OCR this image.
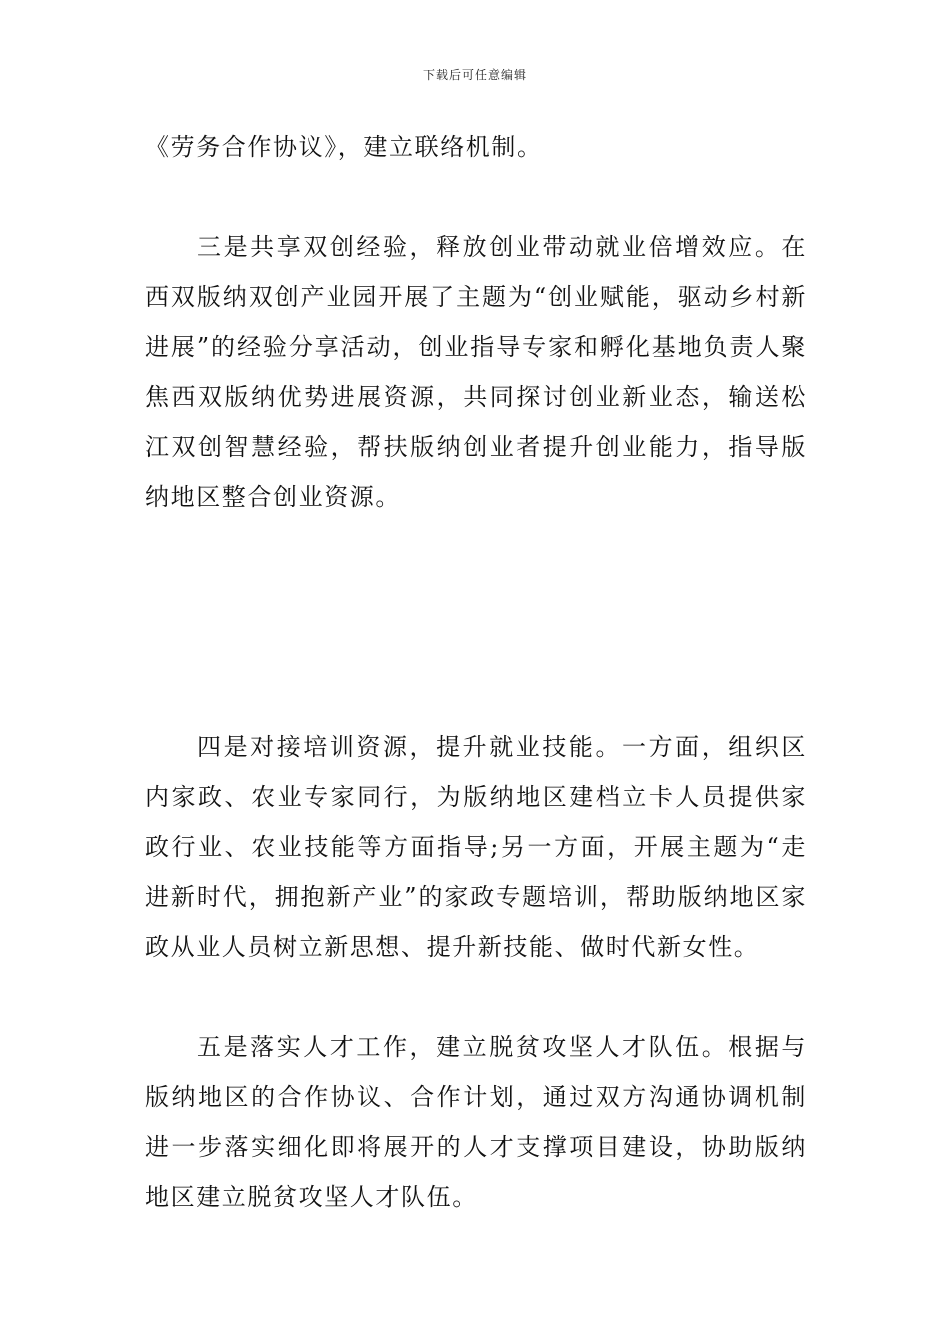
下载后可任意编辑

《劳务合作协议》，建立联络机制。

三是共享双创经验，释放创业带动就业倍增效应。在西双版纳双创产业园开展了主题为“创业赋能，驱动乡村新进展”的经验分享活动，创业指导专家和孵化基地负责人聚焦西双版纳优势进展资源，共同探讨创业新业态，输送松江双创智慧经验，帮扶版纳创业者提升创业能力，指导版纳地区整合创业资源。

四是对接培训资源，提升就业技能。一方面，组织区内家政、农业专家同行，为版纳地区建档立卡人员提供家政行业、农业技能等方面指导;另一方面，开展主题为“走进新时代，拥抱新产业”的家政专题培训，帮助版纳地区家政从业人员树立新思想、提升新技能、做时代新女性。

五是落实人才工作，建立脱贫攻坚人才队伍。根据与版纳地区的合作协议、合作计划，通过双方沟通协调机制进一步落实细化即将展开的人才支撑项目建设，协助版纳地区建立脱贫攻坚人才队伍。
